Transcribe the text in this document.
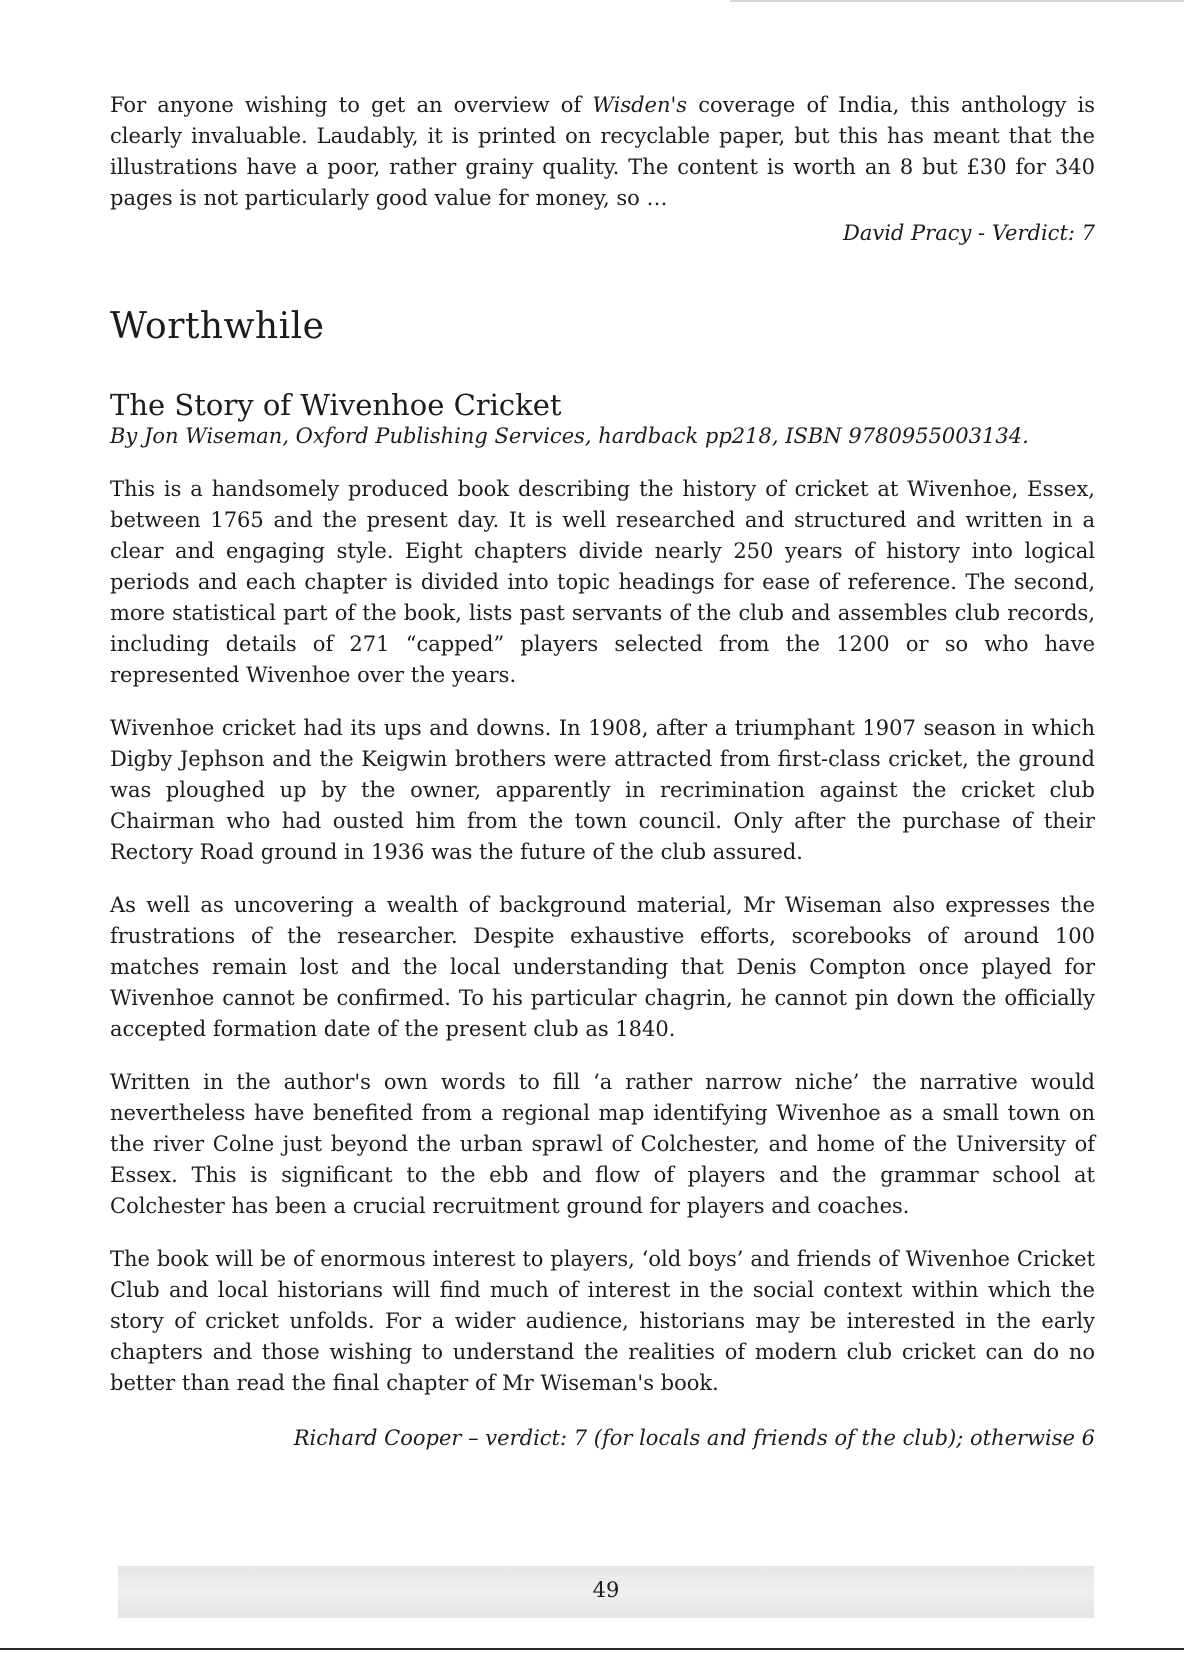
For anyone wishing to get an overview of Wisden's coverage of India, this anthology is clearly invaluable. Laudably, it is printed on recyclable paper, but this has meant that the illustrations have a poor, rather grainy quality. The content is worth an 8 but £30 for 340 pages is not particularly good value for money, so …

David Pracy - Verdict: 7

Worthwhile
The Story of Wivenhoe Cricket

By Jon Wiseman, Oxford Publishing Services, hardback pp218, ISBN 9780955003134.

This is a handsomely produced book describing the history of cricket at Wivenhoe, Essex, between 1765 and the present day. It is well researched and structured and written in a clear and engaging style. Eight chapters divide nearly 250 years of history into logical periods and each chapter is divided into topic headings for ease of reference. The second, more statistical part of the book, lists past servants of the club and assembles club records, including details of 271 “capped” players selected from the 1200 or so who have represented Wivenhoe over the years.

Wivenhoe cricket had its ups and downs. In 1908, after a triumphant 1907 season in which Digby Jephson and the Keigwin brothers were attracted from first-class cricket, the ground was ploughed up by the owner, apparently in recrimination against the cricket club Chairman who had ousted him from the town council. Only after the purchase of their Rectory Road ground in 1936 was the future of the club assured.

As well as uncovering a wealth of background material, Mr Wiseman also expresses the frustrations of the researcher. Despite exhaustive efforts, scorebooks of around 100 matches remain lost and the local understanding that Denis Compton once played for Wivenhoe cannot be confirmed. To his particular chagrin, he cannot pin down the officially accepted formation date of the present club as 1840.

Written in the author's own words to fill ‘a rather narrow niche’ the narrative would nevertheless have benefited from a regional map identifying Wivenhoe as a small town on the river Colne just beyond the urban sprawl of Colchester, and home of the University of Essex. This is significant to the ebb and flow of players and the grammar school at Colchester has been a crucial recruitment ground for players and coaches.

The book will be of enormous interest to players, ‘old boys’ and friends of Wivenhoe Cricket Club and local historians will find much of interest in the social context within which the story of cricket unfolds. For a wider audience, historians may be interested in the early chapters and those wishing to understand the realities of modern club cricket can do no better than read the final chapter of Mr Wiseman's book.

Richard Cooper – verdict: 7 (for locals and friends of the club); otherwise 6

49
